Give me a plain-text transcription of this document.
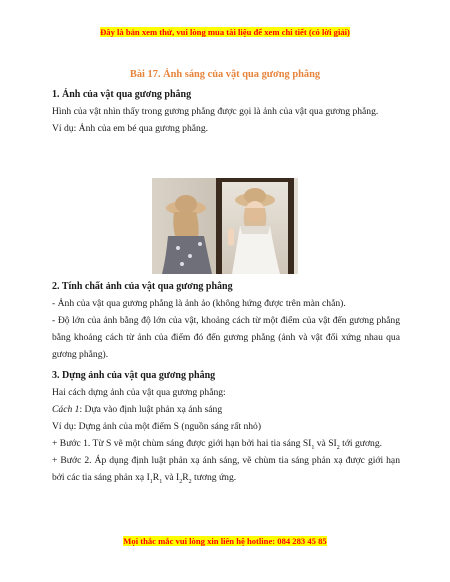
Đây là bản xem thử, vui lòng mua tài liệu để xem chi tiết (có lời giải)
Bài 17. Ảnh sáng của vật qua gương phẳng
1. Ảnh của vật qua gương phẳng
Hình của vật nhìn thấy trong gương phẳng được gọi là ảnh của vật qua gương phẳng.
Ví dụ: Ảnh của em bé qua gương phẳng.
2. Tính chất ảnh của vật qua gương phẳng
- Ảnh của vật qua gương phẳng là ảnh ảo (không hứng được trên màn chắn).
- Độ lớn của ảnh bằng độ lớn của vật, khoảng cách từ một điểm của vật đến gương phẳng bằng khoảng cách từ ảnh của điểm đó đến gương phẳng (ảnh và vật đối xứng nhau qua gương phẳng).
3. Dựng ảnh của vật qua gương phẳng
Hai cách dựng ảnh của vật qua gương phẳng:
Cách 1: Dựa vào định luật phản xạ ánh sáng
Ví dụ: Dựng ảnh của một điểm S (nguồn sáng rất nhỏ)
+ Bước 1. Từ S vẽ một chùm sáng được giới hạn bởi hai tia sáng $SI_1$ và $SI_2$ tới gương.
+ Bước 2. Áp dụng định luật phản xạ ánh sáng, vẽ chùm tia sáng phản xạ được giới hạn bởi các tia sáng phản xạ $I_1R_1$ và $I_2R_2$ tương ứng.
Mọi thắc mắc vui lòng xin liên hệ hotline: 084 283 45 85
